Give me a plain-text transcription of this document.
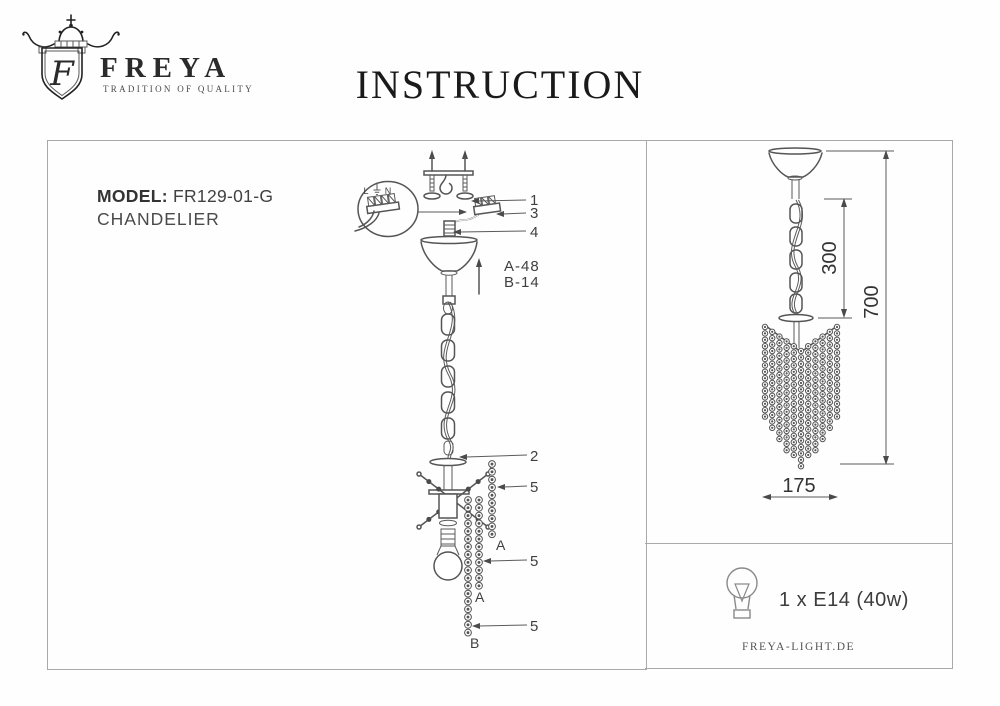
FREYA
TRADITION OF QUALITY	INSTRUCTION
MODEL: FR129-01-G
CHANDELIER
1 x E14 (40w)
FREYA-LIGHT.DE
F
A
A
B
L N
1
3
4
2
5
5
5
A-48
B-14
300
700
175
